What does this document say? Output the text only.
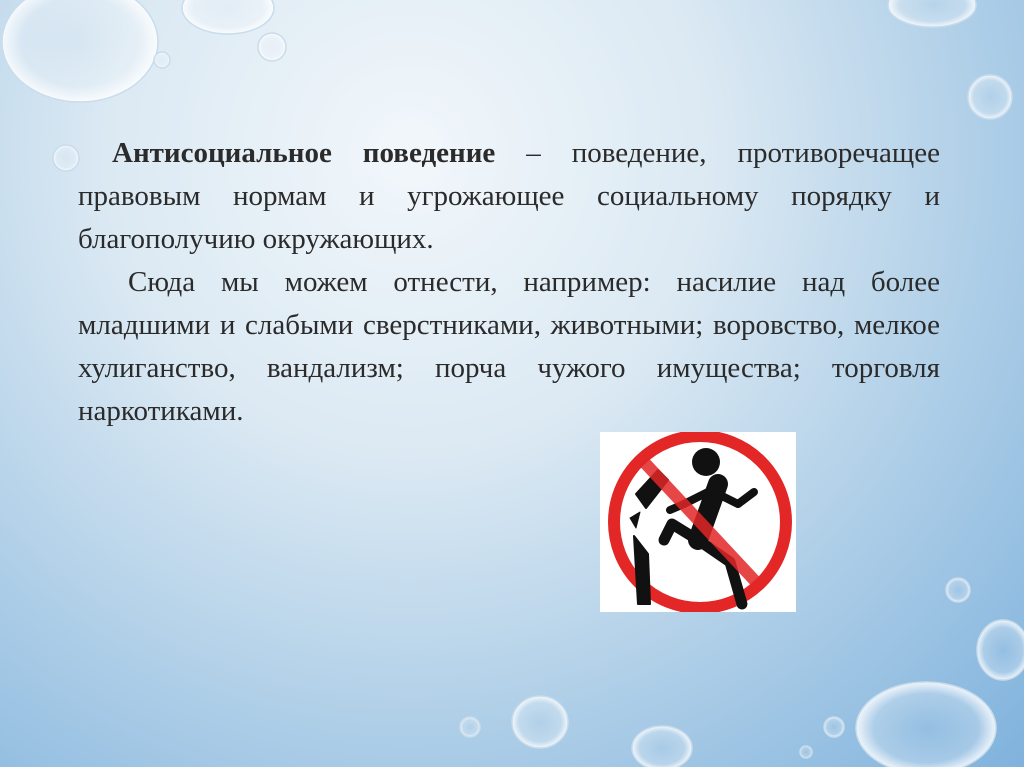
Антисоциальное поведение – поведение, противоречащее правовым нормам и угрожающее социальному порядку и благополучию окружающих.

Сюда мы можем отнести, например: насилие над более младшими и слабыми сверстниками, животными; воровство, мелкое хулиганство, вандализм; порча чужого имущества; торговля наркотиками.
